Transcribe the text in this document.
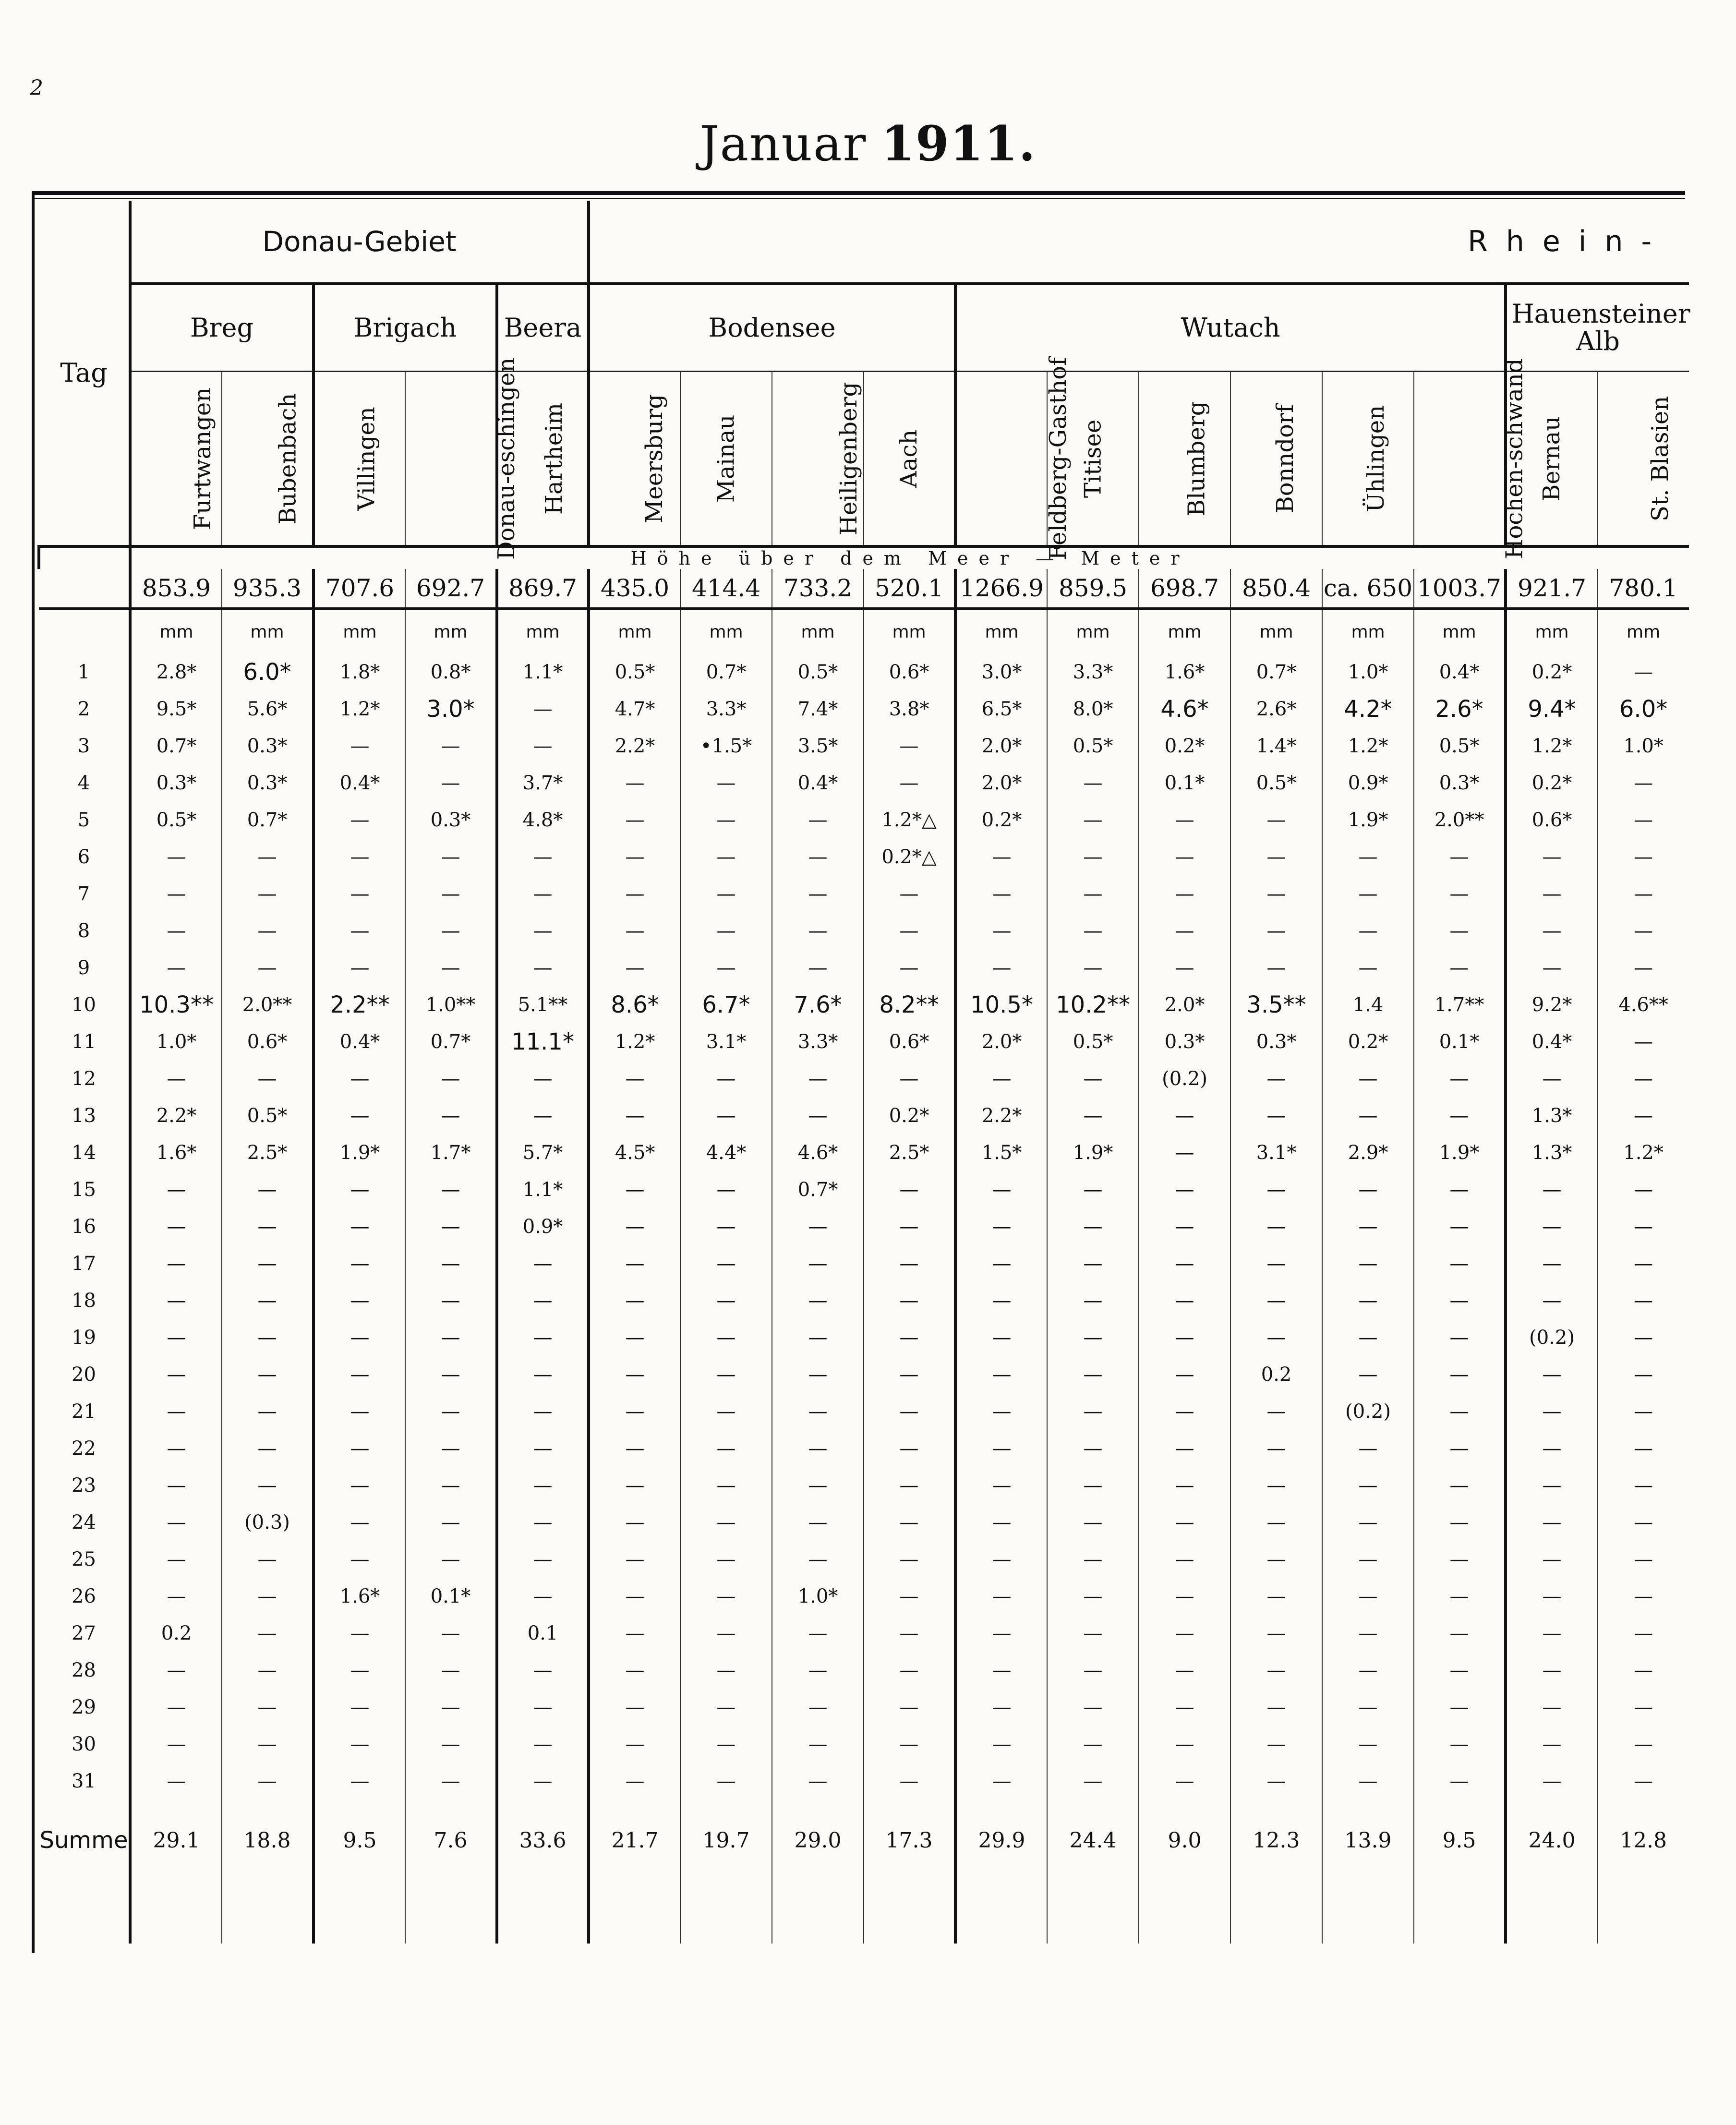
2
Januar 1911.
Tag	Donau-Gebiet					Rhein-											
	Breg		Brigach		Beera	Bodensee				Wutach						Hauensteiner Alb	
	Furtwangen	Bubenbach	Villingen	Donau-eschingen	Hartheim	Meersburg	Mainau	Heiligenberg	Aach	Feldberg-Gasthof	Titisee	Blumberg	Bonndorf	Ühlingen	Höchen-schwand	Bernau	St. Blasien
	Höhe über dem Meer — Meter																
	853.9	935.3	707.6	692.7	869.7	435.0	414.4	733.2	520.1	1266.9	859.5	698.7	850.4	ca. 650	1003.7	921.7	780.1
	mm	mm	mm	mm	mm	mm	mm	mm	mm	mm	mm	mm	mm	mm	mm	mm	mm
1	2.8*	6.0*	1.8*	0.8*	1.1*	0.5*	0.7*	0.5*	0.6*	3.0*	3.3*	1.6*	0.7*	1.0*	0.4*	0.2*	—
2	9.5*	5.6*	1.2*	3.0*	—	4.7*	3.3*	7.4*	3.8*	6.5*	8.0*	4.6*	2.6*	4.2*	2.6*	9.4*	6.0*
3	0.7*	0.3*	—	—	—	2.2*	•1.5*	3.5*	—	2.0*	0.5*	0.2*	1.4*	1.2*	0.5*	1.2*	1.0*
4	0.3*	0.3*	0.4*	—	3.7*	—	—	0.4*	—	2.0*	—	0.1*	0.5*	0.9*	0.3*	0.2*	—
5	0.5*	0.7*	—	0.3*	4.8*	—	—	—	1.2*△	0.2*	—	—	—	1.9*	2.0**	0.6*	—
6	—	—	—	—	—	—	—	—	0.2*△	—	—	—	—	—	—	—	—
7	—	—	—	—	—	—	—	—	—	—	—	—	—	—	—	—	—
8	—	—	—	—	—	—	—	—	—	—	—	—	—	—	—	—	—
9	—	—	—	—	—	—	—	—	—	—	—	—	—	—	—	—	—
10	10.3**	2.0**	2.2**	1.0**	5.1**	8.6*	6.7*	7.6*	8.2**	10.5*	10.2**	2.0*	3.5**	1.4	1.7**	9.2*	4.6**
11	1.0*	0.6*	0.4*	0.7*	11.1*	1.2*	3.1*	3.3*	0.6*	2.0*	0.5*	0.3*	0.3*	0.2*	0.1*	0.4*	—
12	—	—	—	—	—	—	—	—	—	—	—	(0.2)	—	—	—	—	—
13	2.2*	0.5*	—	—	—	—	—	—	0.2*	2.2*	—	—	—	—	—	1.3*	—
14	1.6*	2.5*	1.9*	1.7*	5.7*	4.5*	4.4*	4.6*	2.5*	1.5*	1.9*	—	3.1*	2.9*	1.9*	1.3*	1.2*
15	—	—	—	—	1.1*	—	—	0.7*	—	—	—	—	—	—	—	—	—
16	—	—	—	—	0.9*	—	—	—	—	—	—	—	—	—	—	—	—
17	—	—	—	—	—	—	—	—	—	—	—	—	—	—	—	—	—
18	—	—	—	—	—	—	—	—	—	—	—	—	—	—	—	—	—
19	—	—	—	—	—	—	—	—	—	—	—	—	—	—	—	(0.2)	—
20	—	—	—	—	—	—	—	—	—	—	—	—	0.2	—	—	—	—
21	—	—	—	—	—	—	—	—	—	—	—	—	—	(0.2)	—	—	—
22	—	—	—	—	—	—	—	—	—	—	—	—	—	—	—	—	—
23	—	—	—	—	—	—	—	—	—	—	—	—	—	—	—	—	—
24	—	(0.3)	—	—	—	—	—	—	—	—	—	—	—	—	—	—	—
25	—	—	—	—	—	—	—	—	—	—	—	—	—	—	—	—	—
26	—	—	1.6*	0.1*	—	—	—	1.0*	—	—	—	—	—	—	—	—	—
27	0.2	—	—	—	0.1	—	—	—	—	—	—	—	—	—	—	—	—
28	—	—	—	—	—	—	—	—	—	—	—	—	—	—	—	—	—
29	—	—	—	—	—	—	—	—	—	—	—	—	—	—	—	—	—
30	—	—	—	—	—	—	—	—	—	—	—	—	—	—	—	—	—
31	—	—	—	—	—	—	—	—	—	—	—	—	—	—	—	—	—

Summe	29.1	18.8	9.5	7.6	33.6	21.7	19.7	29.0	17.3	29.9	24.4	9.0	12.3	13.9	9.5	24.0	12.8
